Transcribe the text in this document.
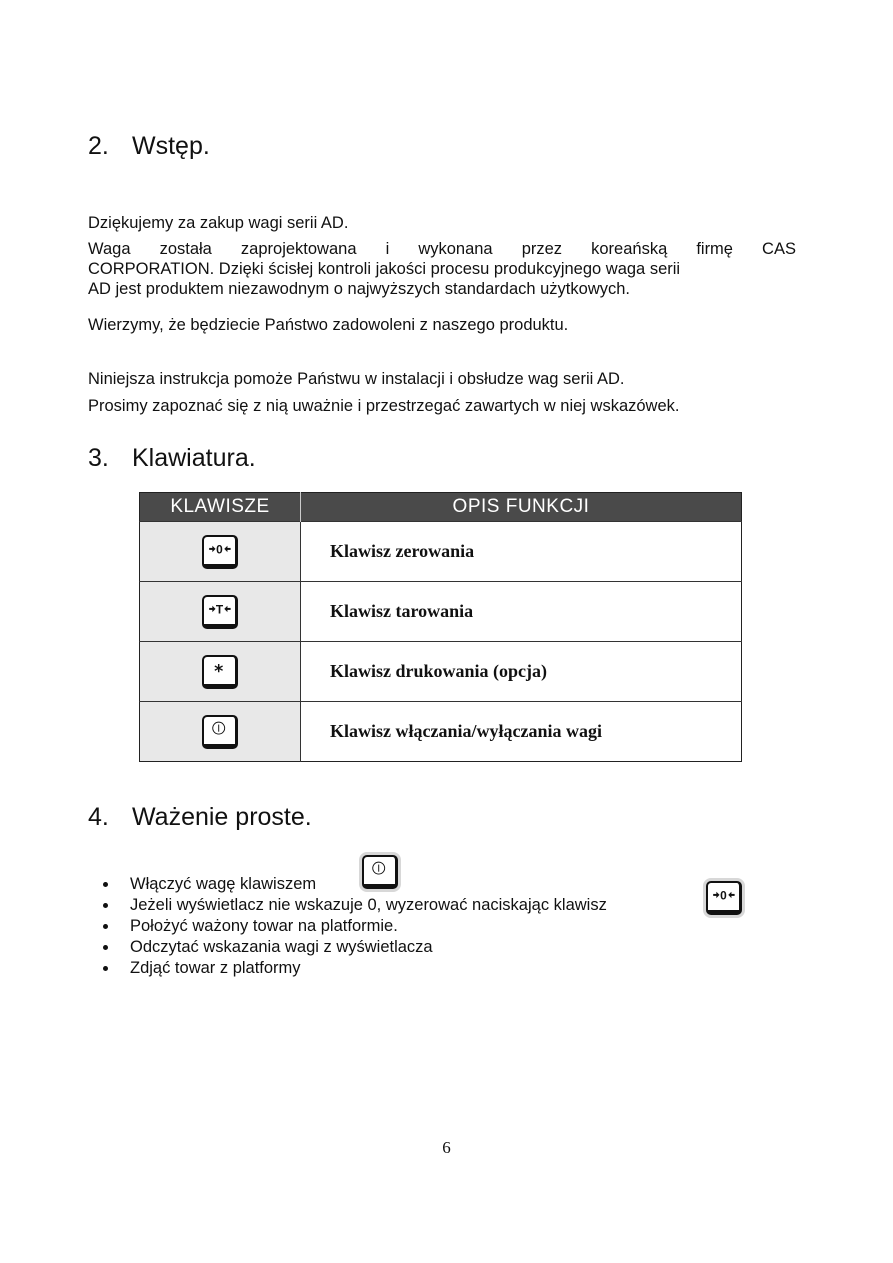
2. Wstęp.
Dziękujemy za zakup wagi serii AD.
Waga została zaprojektowana i wykonana przez koreańską firmę CAS
CORPORATION. Dzięki ścisłej kontroli jakości procesu produkcyjnego waga serii
AD jest produktem niezawodnym o najwyższych standardach użytkowych.
Wierzymy, że będziecie Państwo zadowoleni z naszego produktu.
Niniejsza instrukcja pomoże Państwu w instalacji i obsłudze wag serii AD.
Prosimy zapoznać się z nią uważnie i przestrzegać zawartych w niej wskazówek.
3. Klawiatura.
KLAWISZE	OPIS FUNKCJI

0	Klawisz zerowania

T	Klawisz tarowania

*	Klawisz drukowania (opcja)

	Klawisz włączania/wyłączania wagi
4. Ważenie proste.
Włączyć wagę klawiszem
Jeżeli wyświetlacz nie wskazuje 0, wyzerować naciskając klawisz
Położyć ważony towar na platformie.
Odczytać wskazania wagi z wyświetlacza
Zdjąć towar z platformy
0
6
